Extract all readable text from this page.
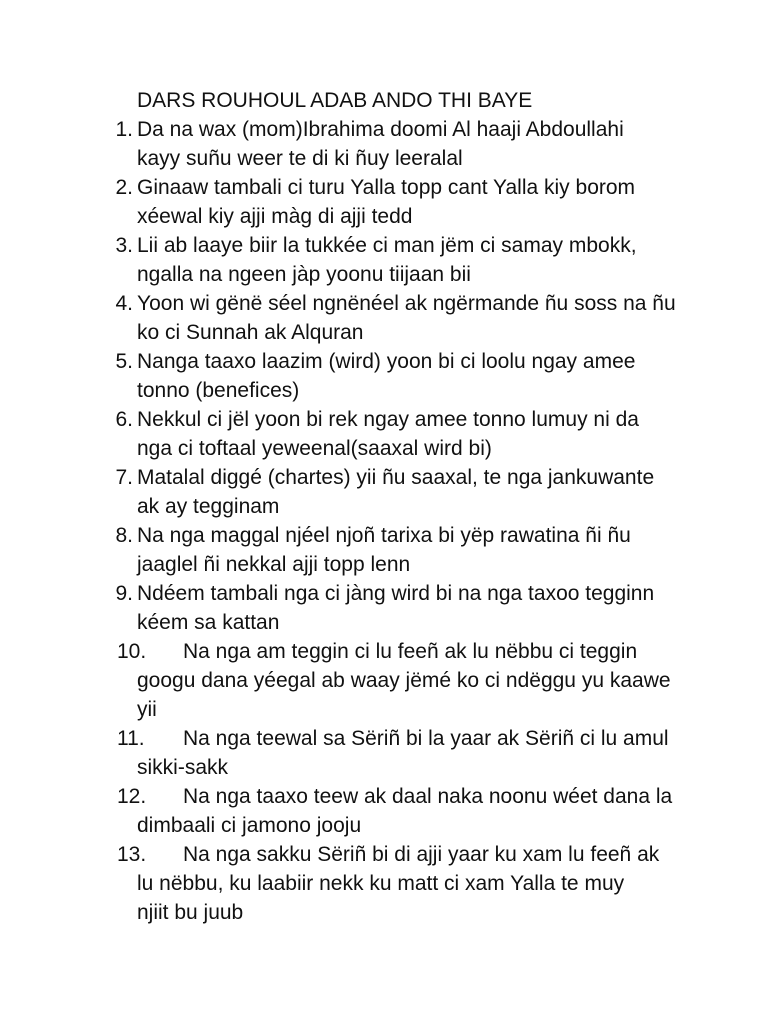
DARS ROUHOUL ADAB ANDO THI BAYE
1. Da na wax (mom)Ibrahima doomi Al haaji Abdoullahi
kayy suñu weer te di ki ñuy leeralal
2. Ginaaw tambali ci turu Yalla topp cant Yalla kiy borom
xéewal kiy ajji màg di ajji tedd
3. Lii ab laaye biir la tukkée ci man jëm ci samay mbokk,
ngalla na ngeen jàp yoonu tiijaan bii
4. Yoon wi gënë séel ngnënéel ak ngërmande ñu soss na ñu
ko ci Sunnah ak Alquran
5. Nanga taaxo laazim (wird) yoon bi ci loolu ngay amee
tonno (benefices)
6. Nekkul ci jël yoon bi rek ngay amee tonno lumuy ni da
nga ci toftaal yeweenal(saaxal wird bi)
7. Matalal diggé (chartes) yii ñu saaxal, te nga jankuwante
ak ay tegginam
8. Na nga maggal njéel njoñ tarixa bi yëp rawatina ñi ñu
jaaglel ñi nekkal ajji topp lenn
9. Ndéem tambali nga ci jàng wird bi na nga taxoo tegginn
kéem sa kattan
10.	Na nga am teggin ci lu feeñ ak lu nëbbu ci teggin
googu dana yéegal ab waay jëmé ko ci ndëggu yu kaawe
yii
11.	Na nga teewal sa Sëriñ bi la yaar ak Sëriñ ci lu amul
sikki-sakk
12.	Na nga taaxo teew ak daal naka noonu wéet dana la
dimbaali ci jamono jooju
13.	Na nga sakku Sëriñ bi di ajji yaar ku xam lu feeñ ak
lu nëbbu, ku laabiir nekk ku matt ci xam Yalla te muy
njiit bu juub
